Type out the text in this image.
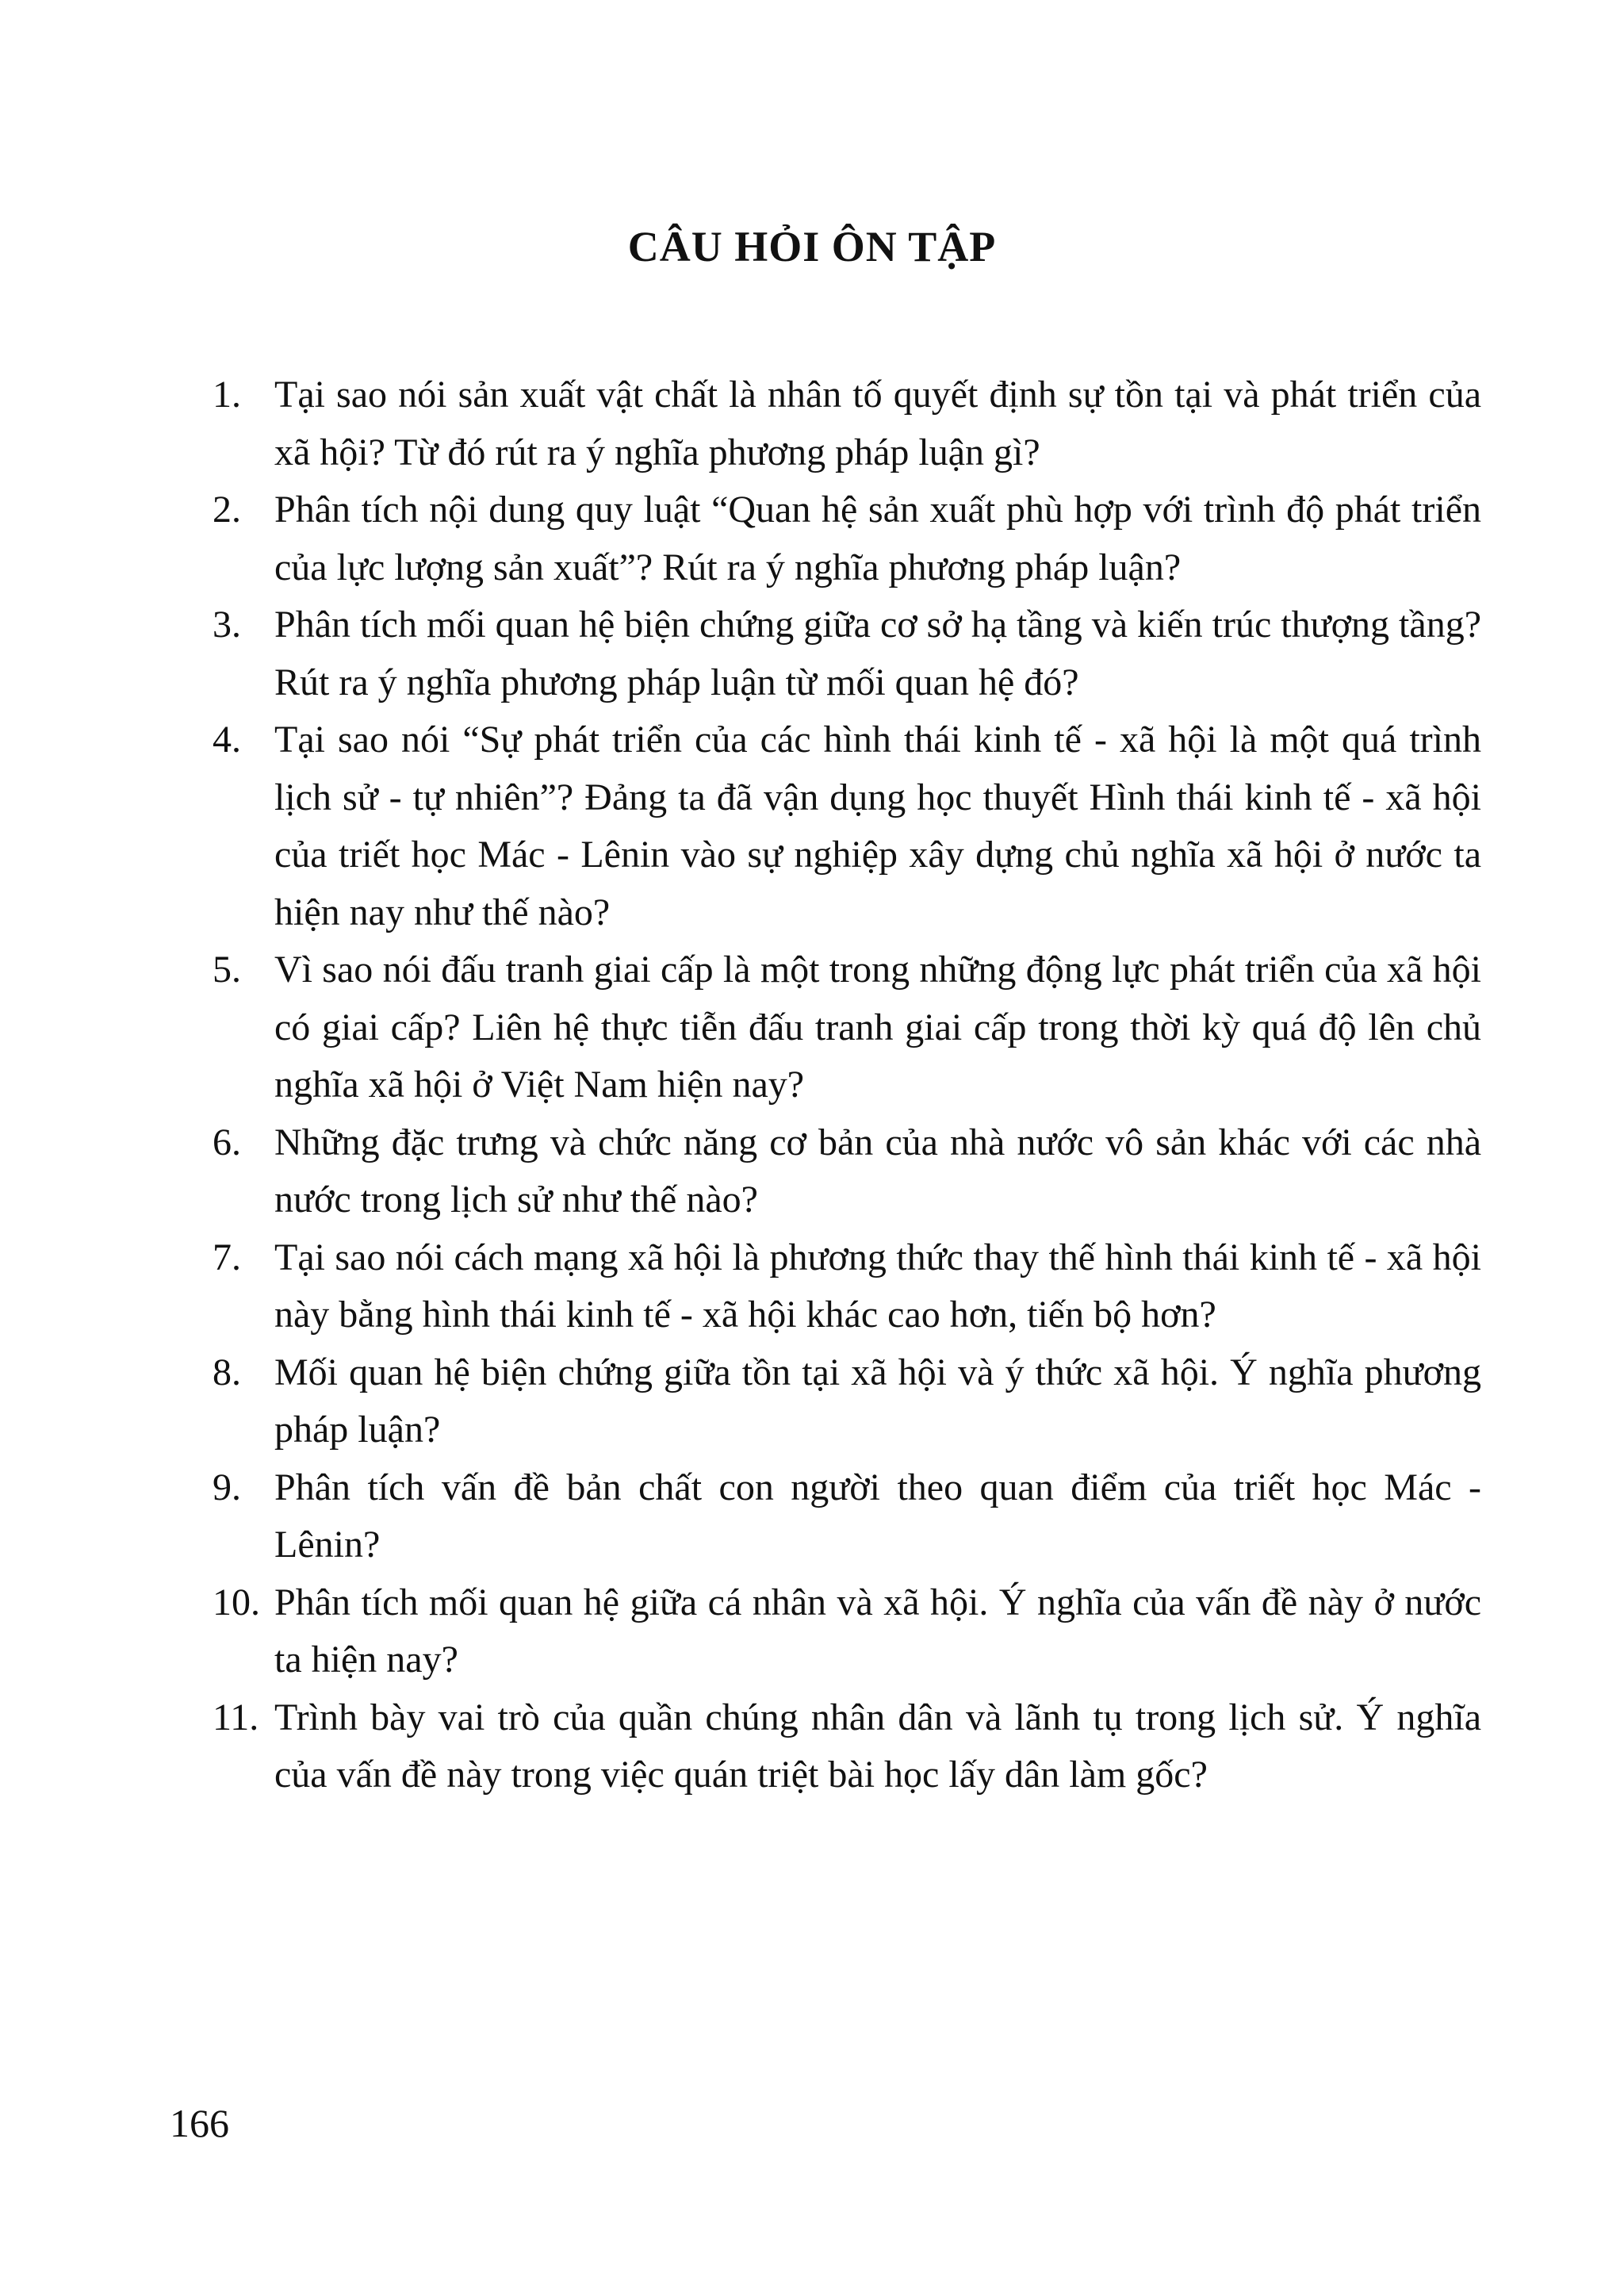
CÂU HỎI ÔN TẬP
1. Tại sao nói sản xuất vật chất là nhân tố quyết định sự tồn tại và phát triển của xã hội? Từ đó rút ra ý nghĩa phương pháp luận gì?
2. Phân tích nội dung quy luật “Quan hệ sản xuất phù hợp với trình độ phát triển của lực lượng sản xuất”? Rút ra ý nghĩa phương pháp luận?
3. Phân tích mối quan hệ biện chứng giữa cơ sở hạ tầng và kiến trúc thượng tầng? Rút ra ý nghĩa phương pháp luận từ mối quan hệ đó?
4. Tại sao nói “Sự phát triển của các hình thái kinh tế - xã hội là một quá trình lịch sử - tự nhiên”? Đảng ta đã vận dụng học thuyết Hình thái kinh tế - xã hội của triết học Mác - Lênin vào sự nghiệp xây dựng chủ nghĩa xã hội ở nước ta hiện nay như thế nào?
5. Vì sao nói đấu tranh giai cấp là một trong những động lực phát triển của xã hội có giai cấp? Liên hệ thực tiễn đấu tranh giai cấp trong thời kỳ quá độ lên chủ nghĩa xã hội ở Việt Nam hiện nay?
6. Những đặc trưng và chức năng cơ bản của nhà nước vô sản khác với các nhà nước trong lịch sử như thế nào?
7. Tại sao nói cách mạng xã hội là phương thức thay thế hình thái kinh tế - xã hội này bằng hình thái kinh tế - xã hội khác cao hơn, tiến bộ hơn?
8. Mối quan hệ biện chứng giữa tồn tại xã hội và ý thức xã hội. Ý nghĩa phương pháp luận?
9. Phân tích vấn đề bản chất con người theo quan điểm của triết học Mác - Lênin?
10. Phân tích mối quan hệ giữa cá nhân và xã hội. Ý nghĩa của vấn đề này ở nước ta hiện nay?
11. Trình bày vai trò của quần chúng nhân dân và lãnh tụ trong lịch sử. Ý nghĩa của vấn đề này trong việc quán triệt bài học lấy dân làm gốc?
166
